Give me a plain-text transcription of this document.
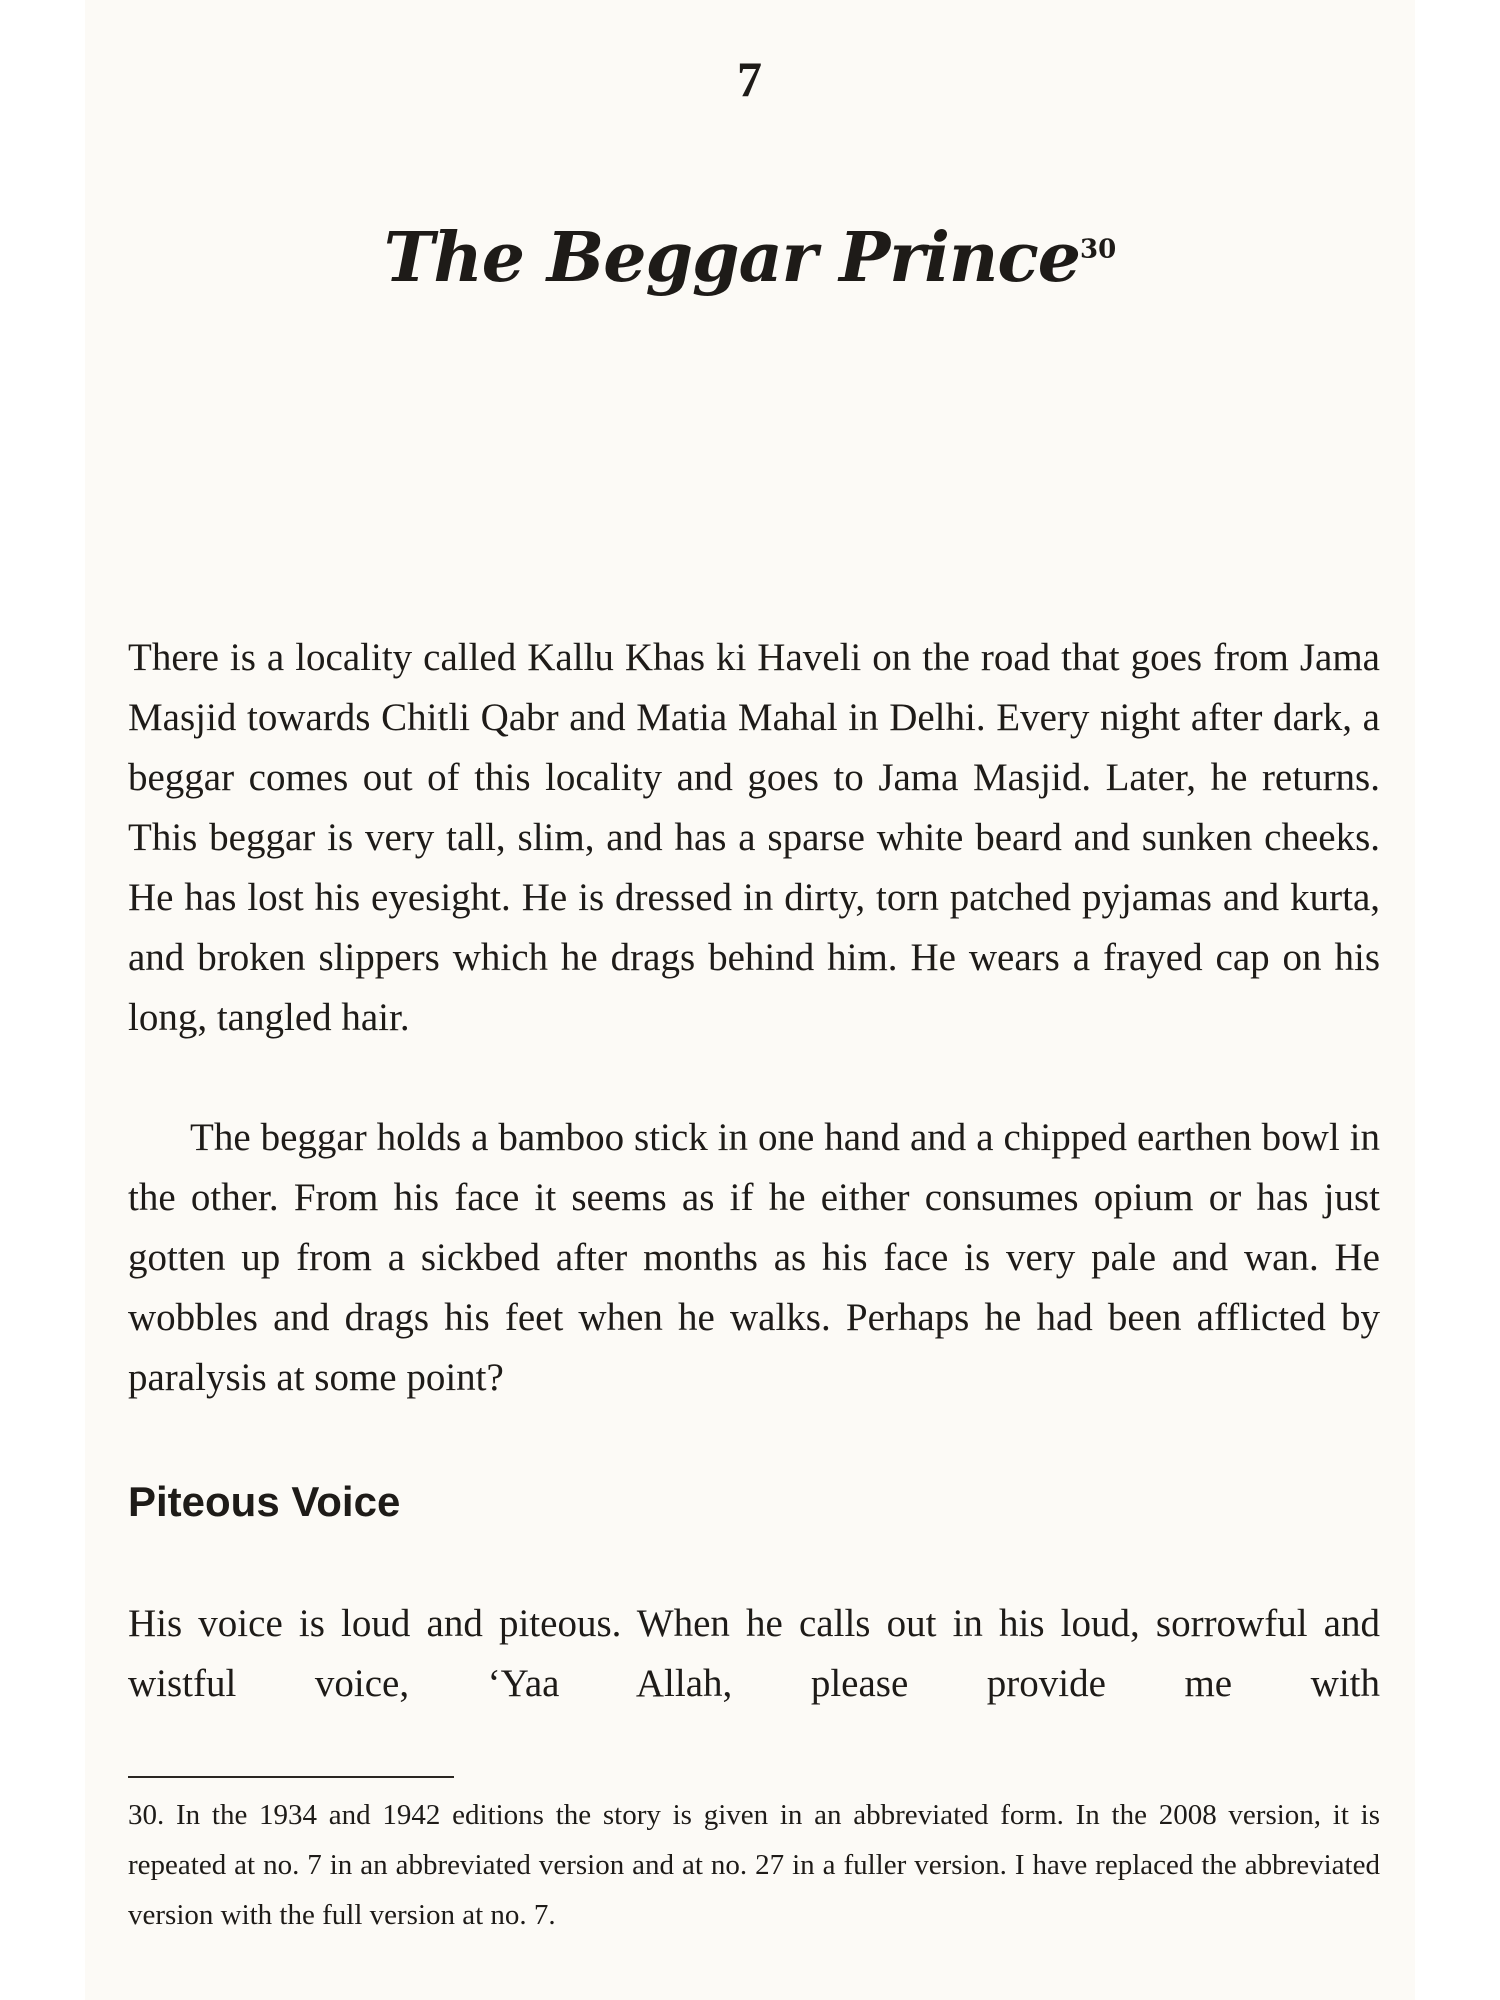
7
The Beggar Prince$^{30}$

There is a locality called Kallu Khas ki Haveli on the road that goes from Jama Masjid towards Chitli Qabr and Matia Mahal in Delhi. Every night after dark, a beggar comes out of this locality and goes to Jama Masjid. Later, he returns. This beggar is very tall, slim, and has a sparse white beard and sunken cheeks. He has lost his eyesight. He is dressed in dirty, torn patched pyjamas and kurta, and broken slippers which he drags behind him. He wears a frayed cap on his long, tangled hair.

The beggar holds a bamboo stick in one hand and a chipped earthen bowl in the other. From his face it seems as if he either consumes opium or has just gotten up from a sickbed after months as his face is very pale and wan. He wobbles and drags his feet when he walks. Perhaps he had been afflicted by paralysis at some point?

Piteous Voice

His voice is loud and piteous. When he calls out in his loud, sorrowful and wistful voice, ‘Yaa Allah, please provide me with

30. In the 1934 and 1942 editions the story is given in an abbreviated form. In the 2008 version, it is repeated at no. 7 in an abbreviated version and at no. 27 in a fuller version. I have replaced the abbreviated version with the full version at no. 7.
